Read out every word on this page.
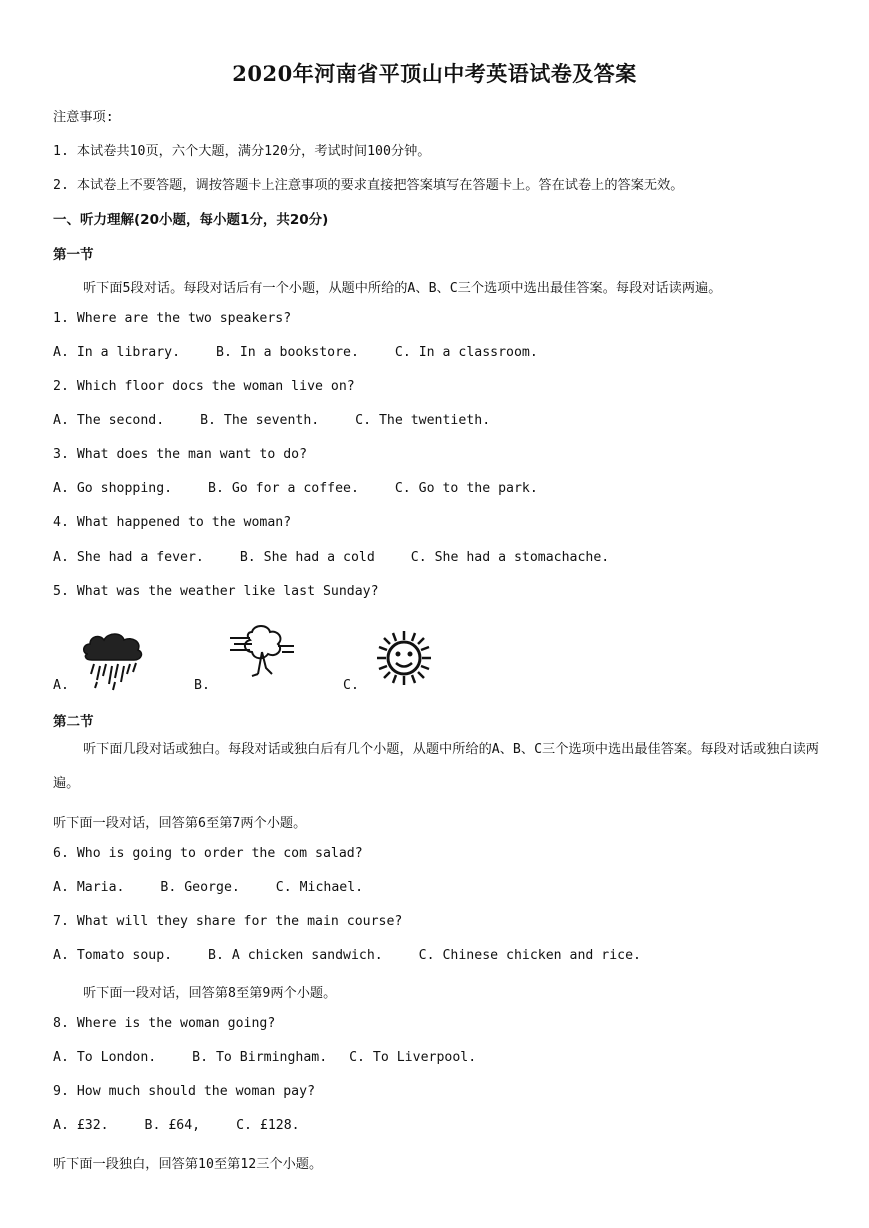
2020年河南省平顶山中考英语试卷及答案
注意事项:
1. 本试卷共10页，六个大题，满分120分，考试时间100分钟。
2. 本试卷上不要答题，调按答题卡上注意事项的要求直接把答案填写在答题卡上。答在试卷上的答案无效。
一、听力理解(20小题，每小题1分，共20分)
第一节
听下面5段对话。每段对话后有一个小题，从题中所给的A、B、C三个选项中选出最佳答案。每段对话读两遍。
1. Where are the two speakers?
A. In a library.	B. In a bookstore.	C. In a classroom.
2. Which floor docs the woman live on?
A. The second.	B. The seventh.	C. The twentieth.
3. What does the man want to do?
A. Go shopping.	B. Go for a coffee.	C. Go to the park.
4. What happened to the woman?
A. She had a fever.	B. She had a cold	C. She had a stomachache.
5. What was the weather like last Sunday?
A.	B.	C.
第二节
听下面几段对话或独白。每段对话或独白后有几个小题，从题中所给的A、B、C三个选项中选出最佳答案。每段对话或独白读两遍。
听下面一段对话，回答第6至第7两个小题。
6. Who is going to order the com salad?
A. Maria.	B. George.	C. Michael.
7. What will they share for the main course?
A. Tomato soup.	B. A chicken sandwich.	C. Chinese chicken and rice.
听下面一段对话，回答第8至第9两个小题。
8. Where is the woman going?
A. To London.	B. To Birmingham. C. To Liverpool.
9. How much should the woman pay?
A. £32.	B. £64,	C. £128.
听下面一段独白，回答第10至第12三个小题。
